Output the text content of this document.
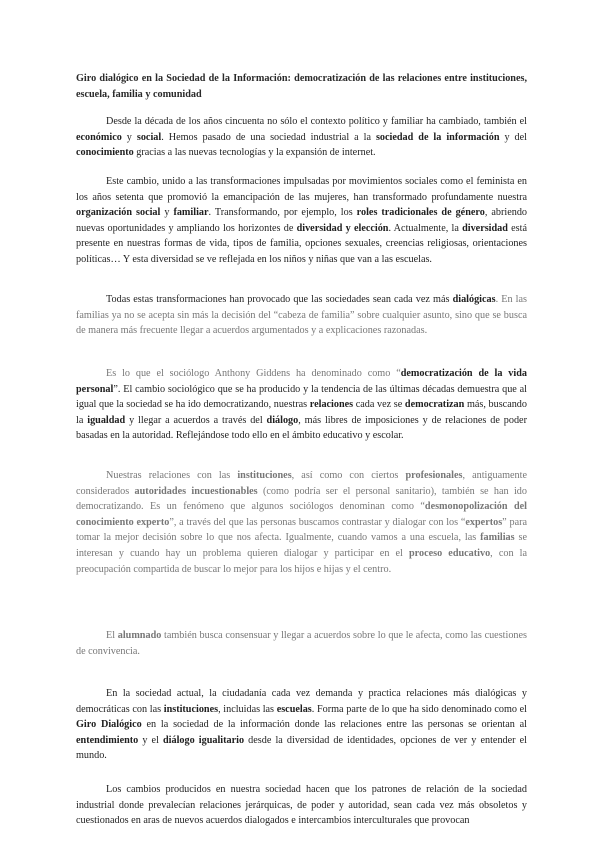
Giro dialógico en la Sociedad de la Información: democratización de las relaciones entre instituciones, escuela, familia y comunidad

Desde la década de los años cincuenta no sólo el contexto político y familiar ha cambiado, también el económico y social. Hemos pasado de una sociedad industrial a la sociedad de la información y del conocimiento gracias a las nuevas tecnologías y la expansión de internet.

Este cambio, unido a las transformaciones impulsadas por movimientos sociales como el feminista en los años setenta que promovió la emancipación de las mujeres, han transformado profundamente nuestra organización social y familiar. Transformando, por ejemplo, los roles tradicionales de género, abriendo nuevas oportunidades y ampliando los horizontes de diversidad y elección. Actualmente, la diversidad está presente en nuestras formas de vida, tipos de familia, opciones sexuales, creencias religiosas, orientaciones políticas… Y esta diversidad se ve reflejada en los niños y niñas que van a las escuelas.

Todas estas transformaciones han provocado que las sociedades sean cada vez más dialógicas. En las familias ya no se acepta sin más la decisión del “cabeza de familia” sobre cualquier asunto, sino que se busca de manera más frecuente llegar a acuerdos argumentados y a explicaciones razonadas.

Es lo que el sociólogo Anthony Giddens ha denominado como “democratización de la vida personal”. El cambio sociológico que se ha producido y la tendencia de las últimas décadas demuestra que al igual que la sociedad se ha ido democratizando, nuestras relaciones cada vez se democratizan más, buscando la igualdad y llegar a acuerdos a través del diálogo, más libres de imposiciones y de relaciones de poder basadas en la autoridad. Reflejándose todo ello en el ámbito educativo y escolar.

Nuestras relaciones con las instituciones, así como con ciertos profesionales, antiguamente considerados autoridades incuestionables (como podría ser el personal sanitario), también se han ido democratizando. Es un fenómeno que algunos sociólogos denominan como “desmonopolización del conocimiento experto”, a través del que las personas buscamos contrastar y dialogar con los “expertos” para tomar la mejor decisión sobre lo que nos afecta. Igualmente, cuando vamos a una escuela, las familias se interesan y cuando hay un problema quieren dialogar y participar en el proceso educativo, con la preocupación compartida de buscar lo mejor para los hijos e hijas y el centro.

El alumnado también busca consensuar y llegar a acuerdos sobre lo que le afecta, como las cuestiones de convivencia.

En la sociedad actual, la ciudadanía cada vez demanda y practica relaciones más dialógicas y democráticas con las instituciones, incluidas las escuelas. Forma parte de lo que ha sido denominado como el Giro Dialógico en la sociedad de la información donde las relaciones entre las personas se orientan al entendimiento y el diálogo igualitario desde la diversidad de identidades, opciones de ver y entender el mundo.

Los cambios producidos en nuestra sociedad hacen que los patrones de relación de la sociedad industrial donde prevalecían relaciones jerárquicas, de poder y autoridad, sean cada vez más obsoletos y cuestionados en aras de nuevos acuerdos dialogados e intercambios interculturales que provocan
